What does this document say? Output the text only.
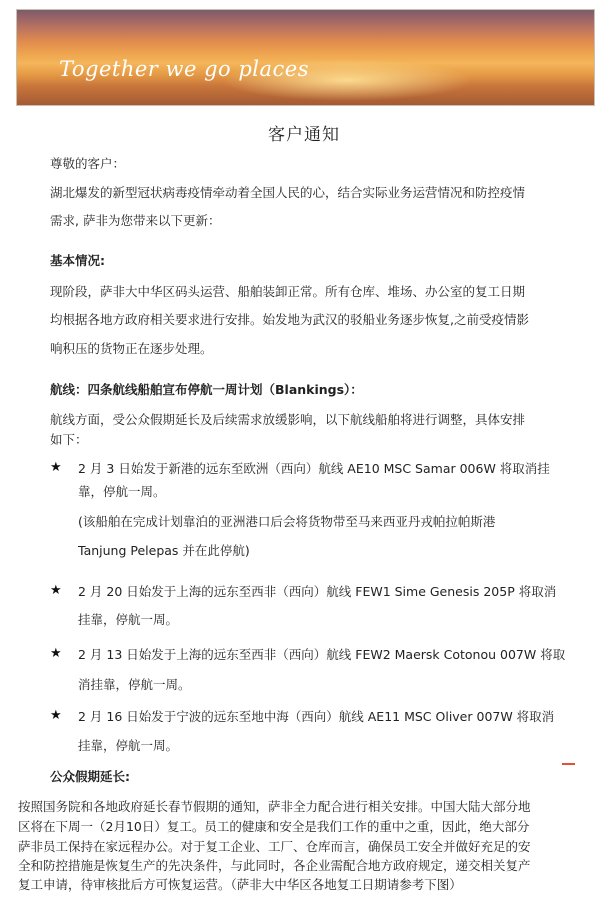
Together we go places
客户通知
尊敬的客户：
湖北爆发的新型冠状病毒疫情牵动着全国人民的心，结合实际业务运营情况和防控疫情
需求, 萨非为您带来以下更新：
基本情况:
现阶段，萨非大中华区码头运营、船舶装卸正常。所有仓库、堆场、办公室的复工日期
均根据各地方政府相关要求进行安排。始发地为武汉的驳船业务逐步恢复,之前受疫情影
响积压的货物正在逐步处理。
航线：四条航线船舶宣布停航一周计划（Blankings）：
航线方面，受公众假期延长及后续需求放缓影响，以下航线船舶将进行调整，具体安排
如下：
★ 2 月 3 日始发于新港的远东至欧洲（西向）航线 AE10 MSC Samar 006W 将取消挂
靠，停航一周。
(该船舶在完成计划靠泊的亚洲港口后会将货物带至马来西亚丹戎帕拉帕斯港
Tanjung Pelepas 并在此停航)
★ 2 月 20 日始发于上海的远东至西非（西向）航线 FEW1 Sime Genesis 205P 将取消
挂靠，停航一周。
★ 2 月 13 日始发于上海的远东至西非（西向）航线 FEW2 Maersk Cotonou 007W 将取
消挂靠，停航一周。
★ 2 月 16 日始发于宁波的远东至地中海（西向）航线 AE11 MSC Oliver 007W 将取消
挂靠，停航一周。
公众假期延长:
按照国务院和各地政府延长春节假期的通知，萨非全力配合进行相关安排。中国大陆大部分地
区将在下周一（2月10日）复工。员工的健康和安全是我们工作的重中之重，因此，绝大部分
萨非员工保持在家远程办公。对于复工企业、工厂、仓库而言，确保员工安全并做好充足的安
全和防控措施是恢复生产的先决条件，与此同时，各企业需配合地方政府规定，递交相关复产
复工申请，待审核批后方可恢复运营。（萨非大中华区各地复工日期请参考下图）
